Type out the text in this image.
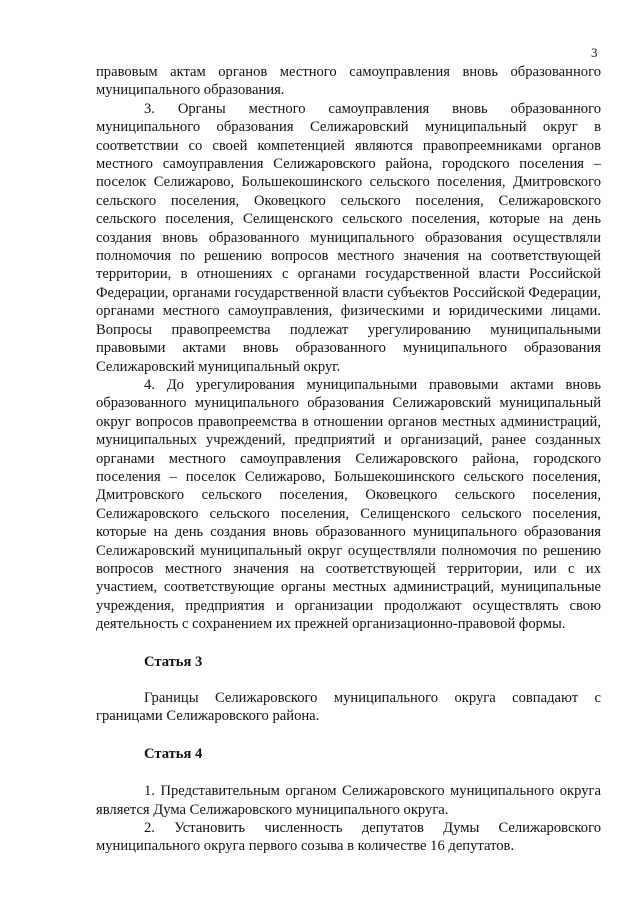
3

правовым актам органов местного самоуправления вновь образованного муниципального образования.

3. Органы местного самоуправления вновь образованного муниципального образования Селижаровский муниципальный округ в соответствии со своей компетенцией являются правопреемниками органов местного самоуправления Селижаровского района, городского поселения – поселок Селижарово, Большекошинского сельского поселения, Дмитровского сельского поселения, Оковецкого сельского поселения, Селижаровского сельского поселения, Селищенского сельского поселения, которые на день создания вновь образованного муниципального образования осуществляли полномочия по решению вопросов местного значения на соответствующей территории, в отношениях с органами государственной власти Российской Федерации, органами государственной власти субъектов Российской Федерации, органами местного самоуправления, физическими и юридическими лицами. Вопросы правопреемства подлежат урегулированию муниципальными правовыми актами вновь образованного муниципального образования Селижаровский муниципальный округ.

4. До урегулирования муниципальными правовыми актами вновь образованного муниципального образования Селижаровский муниципальный округ вопросов правопреемства в отношении органов местных администраций, муниципальных учреждений, предприятий и организаций, ранее созданных органами местного самоуправления Селижаровского района, городского поселения – поселок Селижарово, Большекошинского сельского поселения, Дмитровского сельского поселения, Оковецкого сельского поселения, Селижаровского сельского поселения, Селищенского сельского поселения, которые на день создания вновь образованного муниципального образования Селижаровский муниципальный округ осуществляли полномочия по решению вопросов местного значения на соответствующей территории, или с их участием, соответствующие органы местных администраций, муниципальные учреждения, предприятия и организации продолжают осуществлять свою деятельность с сохранением их прежней организационно-правовой формы.

Статья 3

Границы Селижаровского муниципального округа совпадают с границами Селижаровского района.

Статья 4

1. Представительным органом Селижаровского муниципального округа является Дума Селижаровского муниципального округа.

2. Установить численность депутатов Думы Селижаровского муниципального округа первого созыва в количестве 16 депутатов.
